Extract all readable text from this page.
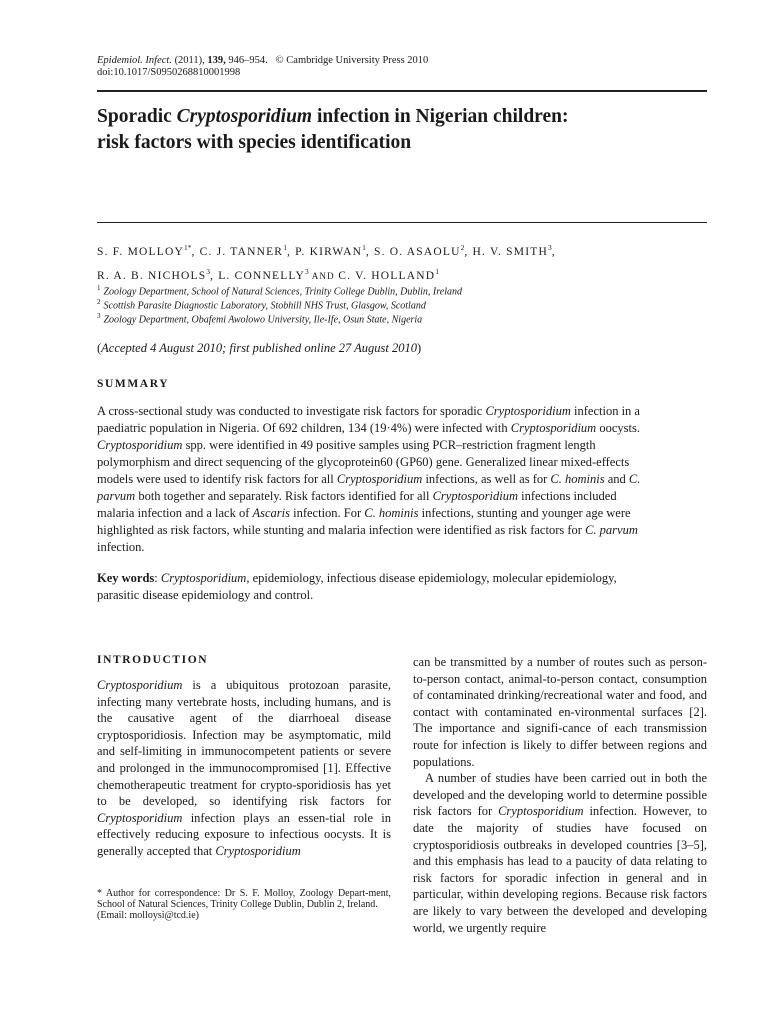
Epidemiol. Infect. (2011), 139, 946–954. © Cambridge University Press 2010
doi:10.1017/S0950268810001998
Sporadic Cryptosporidium infection in Nigerian children:
risk factors with species identification
S. F. $MOLLOY^{1*}$, C. J. TANNER$^1$, P. KIRWAN$^1$, S. O. ASAOLU$^2$, H. V. SMITH$^3$,
R. A. B. NICHOLS$^3$, L. CONNELLY$^3$ AND C. V. HOLLAND$^1$
$^1$ Zoology Department, School of Natural Sciences, Trinity College Dublin, Dublin, Ireland
$^2$ Scottish Parasite Diagnostic Laboratory, Stobhill NHS Trust, Glasgow, Scotland
$^3$ Zoology Department, Obafemi Awolowo University, Ile-Ife, Osun State, Nigeria
(Accepted 4 August 2010; first published online 27 August 2010)
SUMMARY
A cross-sectional study was conducted to investigate risk factors for sporadic Cryptosporidium infection in a paediatric population in Nigeria. Of 692 children, 134 (19·4%) were infected with Cryptosporidium oocysts. Cryptosporidium spp. were identified in 49 positive samples using PCR–restriction fragment length polymorphism and direct sequencing of the glycoprotein60 (GP60) gene. Generalized linear mixed-effects models were used to identify risk factors for all Cryptosporidium infections, as well as for C. hominis and C. parvum both together and separately. Risk factors identified for all Cryptosporidium infections included malaria infection and a lack of Ascaris infection. For C. hominis infections, stunting and younger age were highlighted as risk factors, while stunting and malaria infection were identified as risk factors for C. parvum infection.
Key words: Cryptosporidium, epidemiology, infectious disease epidemiology, molecular epidemiology, parasitic disease epidemiology and control.
INTRODUCTION
Cryptosporidium is a ubiquitous protozoan parasite, infecting many vertebrate hosts, including humans, and is the causative agent of the diarrhoeal disease cryptosporidiosis. Infection may be asymptomatic, mild and self-limiting in immunocompetent patients or severe and prolonged in the immunocompromised [1]. Effective chemotherapeutic treatment for crypto-sporidiosis has yet to be developed, so identifying risk factors for Cryptosporidium infection plays an essen-tial role in effectively reducing exposure to infectious oocysts. It is generally accepted that Cryptosporidium
can be transmitted by a number of routes such as person-to-person contact, animal-to-person contact, consumption of contaminated drinking/recreational water and food, and contact with contaminated en-vironmental surfaces [2]. The importance and signifi-cance of each transmission route for infection is likely to differ between regions and populations.
A number of studies have been carried out in both the developed and the developing world to determine possible risk factors for Cryptosporidium infection. However, to date the majority of studies have focused on cryptosporidiosis outbreaks in developed countries [3–5], and this emphasis has lead to a paucity of data relating to risk factors for sporadic infection in general and in particular, within developing regions. Because risk factors are likely to vary between the developed and developing world, we urgently require
* Author for correspondence: Dr S. F. Molloy, Zoology Depart-ment, School of Natural Sciences, Trinity College Dublin, Dublin 2, Ireland.
(Email: molloysi@tcd.ie)
